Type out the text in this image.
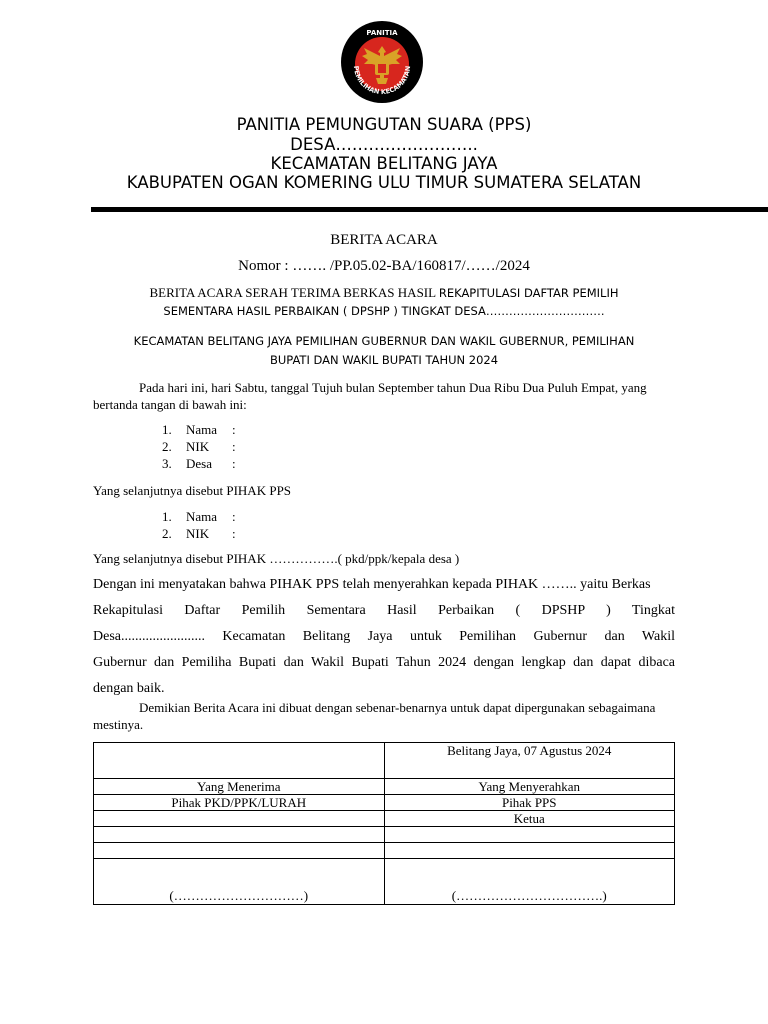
PANITIA
PEMILIHAN KECAMATAN
PANITIA PEMUNGUTAN SUARA (PPS)
DESA……………………..
KECAMATAN BELITANG JAYA
KABUPATEN OGAN KOMERING ULU TIMUR SUMATERA SELATAN
BERITA ACARA
Nomor : ……. /PP.05.02-BA/160817/……/2024
BERITA ACARA SERAH TERIMA BERKAS HASIL REKAPITULASI DAFTAR PEMILIH
SEMENTARA HASIL PERBAIKAN ( DPSHP ) TINGKAT DESA………………………….
KECAMATAN BELITANG JAYA PEMILIHAN GUBERNUR DAN WAKIL GUBERNUR, PEMILIHAN
BUPATI DAN WAKIL BUPATI TAHUN 2024
Pada hari ini, hari Sabtu, tanggal Tujuh bulan September tahun Dua Ribu Dua Puluh Empat, yang bertanda tangan di bawah ini:
1.	Nama	:
2.	NIK	:
3.	Desa	:
Yang selanjutnya disebut PIHAK PPS
1.	Nama	:
2.	NIK	:
Yang selanjutnya disebut PIHAK …………….( pkd/ppk/kepala desa )
Dengan ini menyatakan bahwa PIHAK PPS telah menyerahkan kepada PIHAK …….. yaitu Berkas
Rekapitulasi Daftar Pemilih Sementara Hasil Perbaikan ( DPSHP ) Tingkat
Desa........................ Kecamatan Belitang Jaya untuk Pemilihan Gubernur dan Wakil
Gubernur dan Pemiliha Bupati dan Wakil Bupati Tahun 2024 dengan lengkap dan dapat dibaca
dengan baik.
Demikian Berita Acara ini dibuat dengan sebenar-benarnya untuk dapat dipergunakan sebagaimana mestinya.
	Belitang Jaya, 07 Agustus 2024
Yang Menerima	Yang Menyerahkan
Pihak PKD/PPK/LURAH	Pihak PPS
	Ketua

(…………………………)	(…………………………….)
